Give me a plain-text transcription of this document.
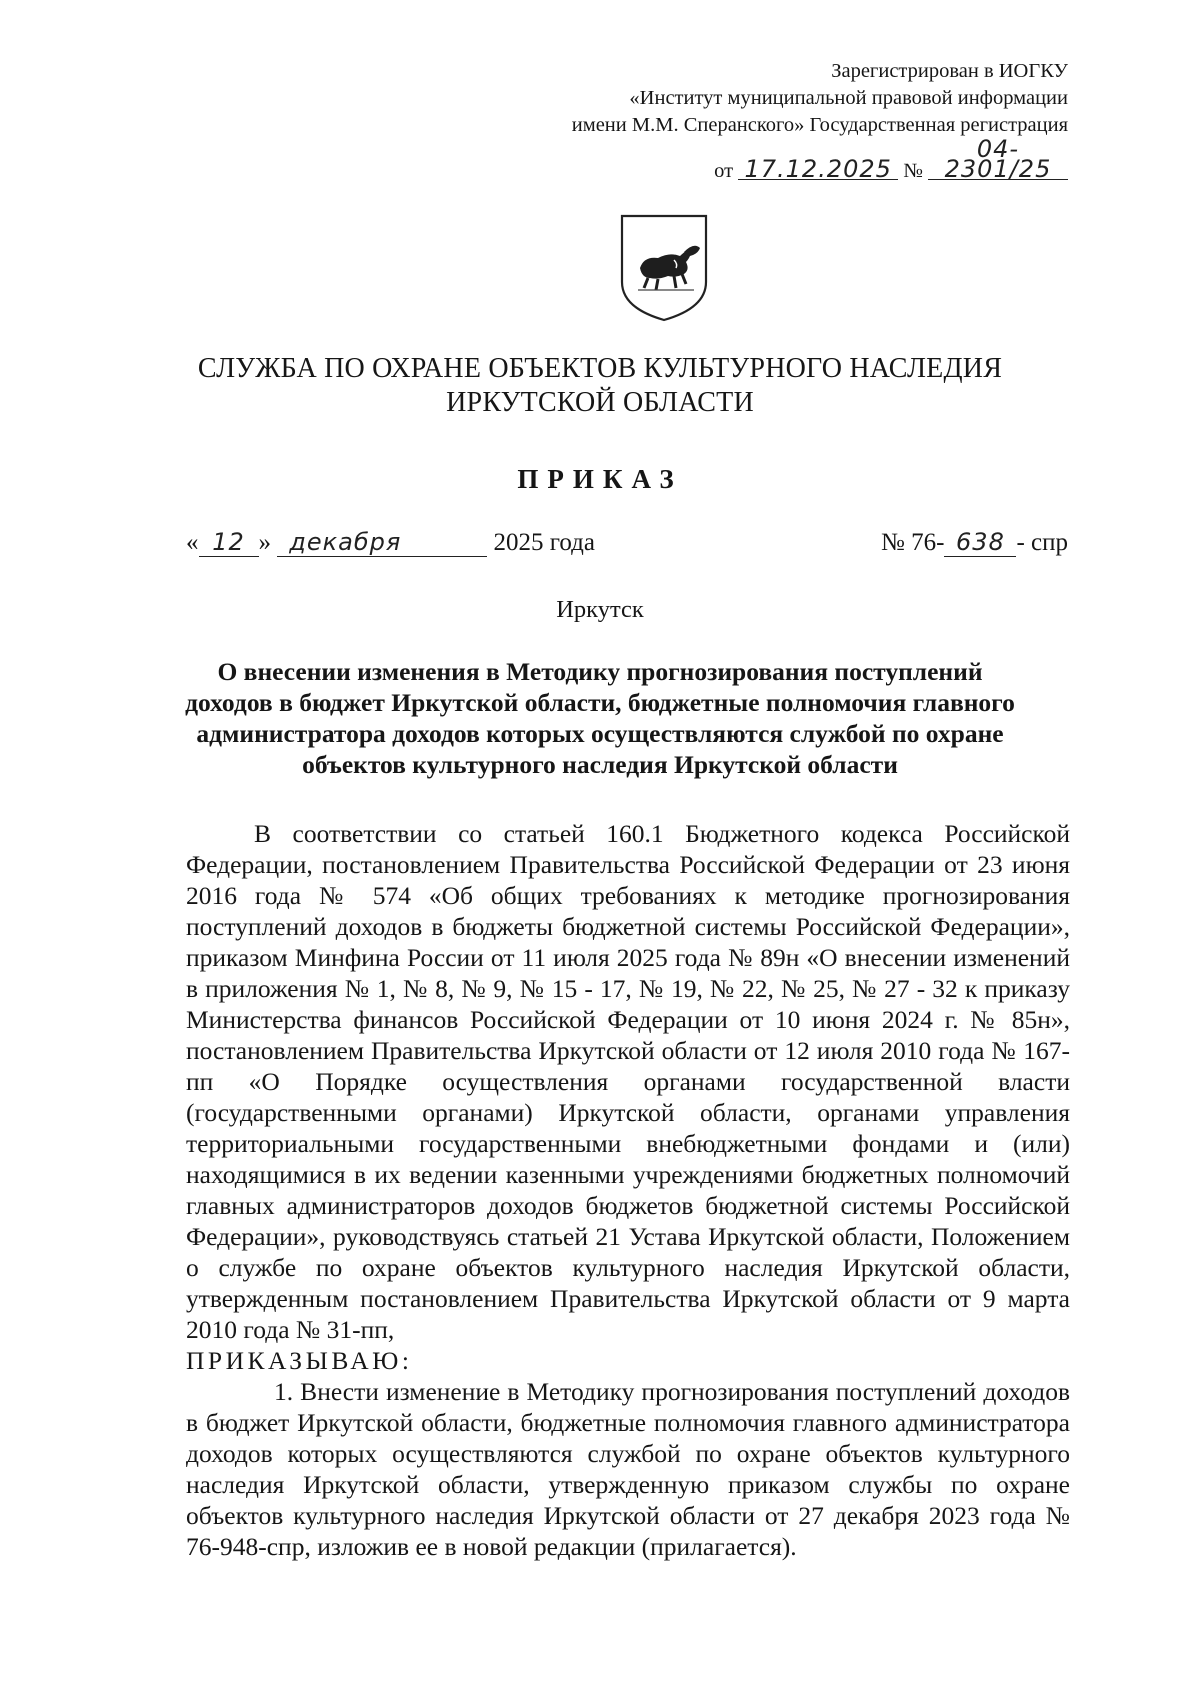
Зарегистрирован в ИОГКУ
«Институт муниципальной правовой информации
имени М.М. Сперанского» Государственная регистрация
от 17.12.2025 № 04-2301/25
СЛУЖБА ПО ОХРАНЕ ОБЪЕКТОВ КУЛЬТУРНОГО НАСЛЕДИЯ
ИРКУТСКОЙ ОБЛАСТИ
ПРИКАЗ
« 12 » декабря	2025 года	№ 76- 638 - спр
Иркутск
О внесении изменения в Методику прогнозирования поступлений
доходов в бюджет Иркутской области, бюджетные полномочия главного
администратора доходов которых осуществляются службой по охране
объектов культурного наследия Иркутской области

В соответствии со статьей 160.1 Бюджетного кодекса Российской Федерации, постановлением Правительства Российской Федерации от 23 июня 2016 года № 574 «Об общих требованиях к методике прогнозирования поступлений доходов в бюджеты бюджетной системы Российской Федерации», приказом Минфина России от 11 июля 2025 года № 89н «О внесении изменений в приложения № 1, № 8, № 9, № 15 - 17, № 19, № 22, № 25, № 27 - 32 к приказу Министерства финансов Российской Федерации от 10 июня 2024 г. № 85н», постановлением Правительства Иркутской области от 12 июля 2010 года № 167-пп «О Порядке осуществления органами государственной власти (государственными органами) Иркутской области, органами управления территориальными государственными внебюджетными фондами и (или) находящимися в их ведении казенными учреждениями бюджетных полномочий главных администраторов доходов бюджетов бюджетной системы Российской Федерации», руководствуясь статьей 21 Устава Иркутской области, Положением о службе по охране объектов культурного наследия Иркутской области, утвержденным постановлением Правительства Иркутской области от 9 марта 2010 года № 31-пп,

ПРИКАЗЫВАЮ:

1. Внести изменение в Методику прогнозирования поступлений доходов в бюджет Иркутской области, бюджетные полномочия главного администратора доходов которых осуществляются службой по охране объектов культурного наследия Иркутской области, утвержденную приказом службы по охране объектов культурного наследия Иркутской области от 27 декабря 2023 года № 76-948-спр, изложив ее в новой редакции (прилагается).
